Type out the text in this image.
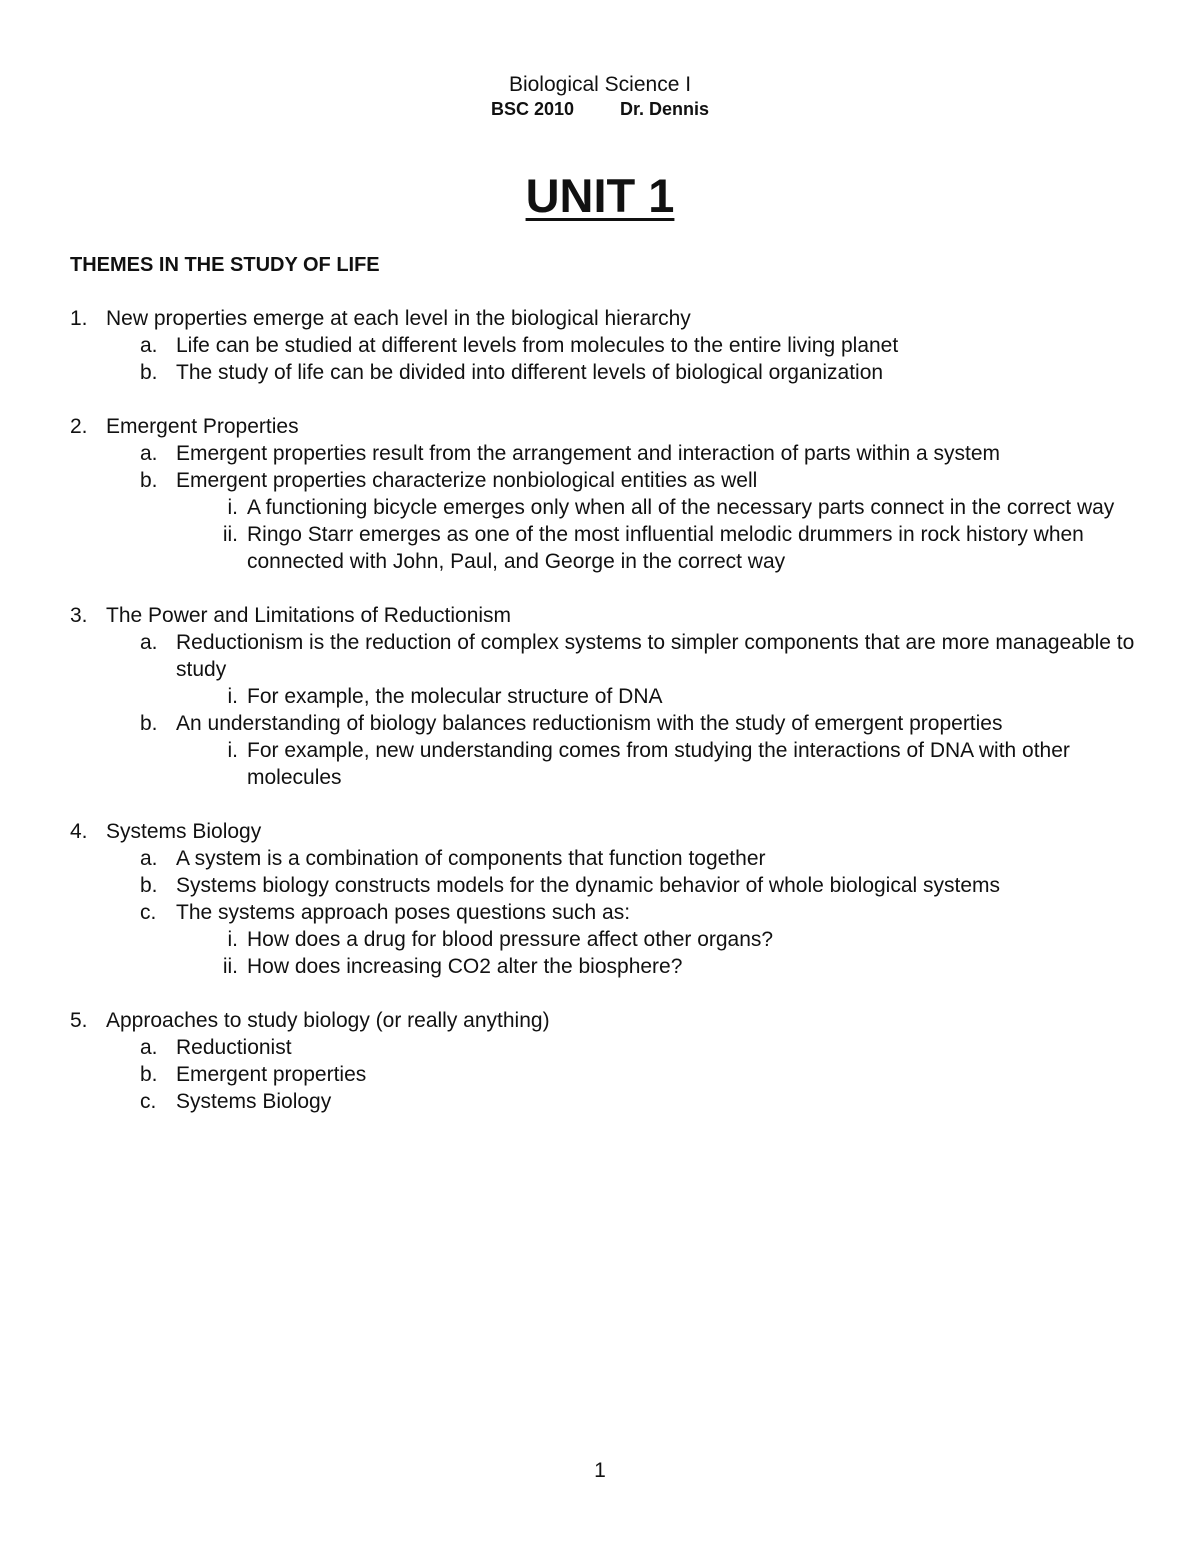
Biological Science I
BSC 2010	Dr. Dennis
UNIT 1
THEMES IN THE STUDY OF LIFE
1. New properties emerge at each level in the biological hierarchy
a. Life can be studied at different levels from molecules to the entire living planet
b. The study of life can be divided into different levels of biological organization
2. Emergent Properties
a. Emergent properties result from the arrangement and interaction of parts within a system
b. Emergent properties characterize nonbiological entities as well
i. A functioning bicycle emerges only when all of the necessary parts connect in the correct way
ii. Ringo Starr emerges as one of the most influential melodic drummers in rock history when connected with John, Paul, and George in the correct way
3. The Power and Limitations of Reductionism
a. Reductionism is the reduction of complex systems to simpler components that are more manageable to study
i. For example, the molecular structure of DNA
b. An understanding of biology balances reductionism with the study of emergent properties
i. For example, new understanding comes from studying the interactions of DNA with other molecules
4. Systems Biology
a. A system is a combination of components that function together
b. Systems biology constructs models for the dynamic behavior of whole biological systems
c. The systems approach poses questions such as:
i. How does a drug for blood pressure affect other organs?
ii. How does increasing CO2 alter the biosphere?
5. Approaches to study biology (or really anything)
a. Reductionist
b. Emergent properties
c. Systems Biology
1
